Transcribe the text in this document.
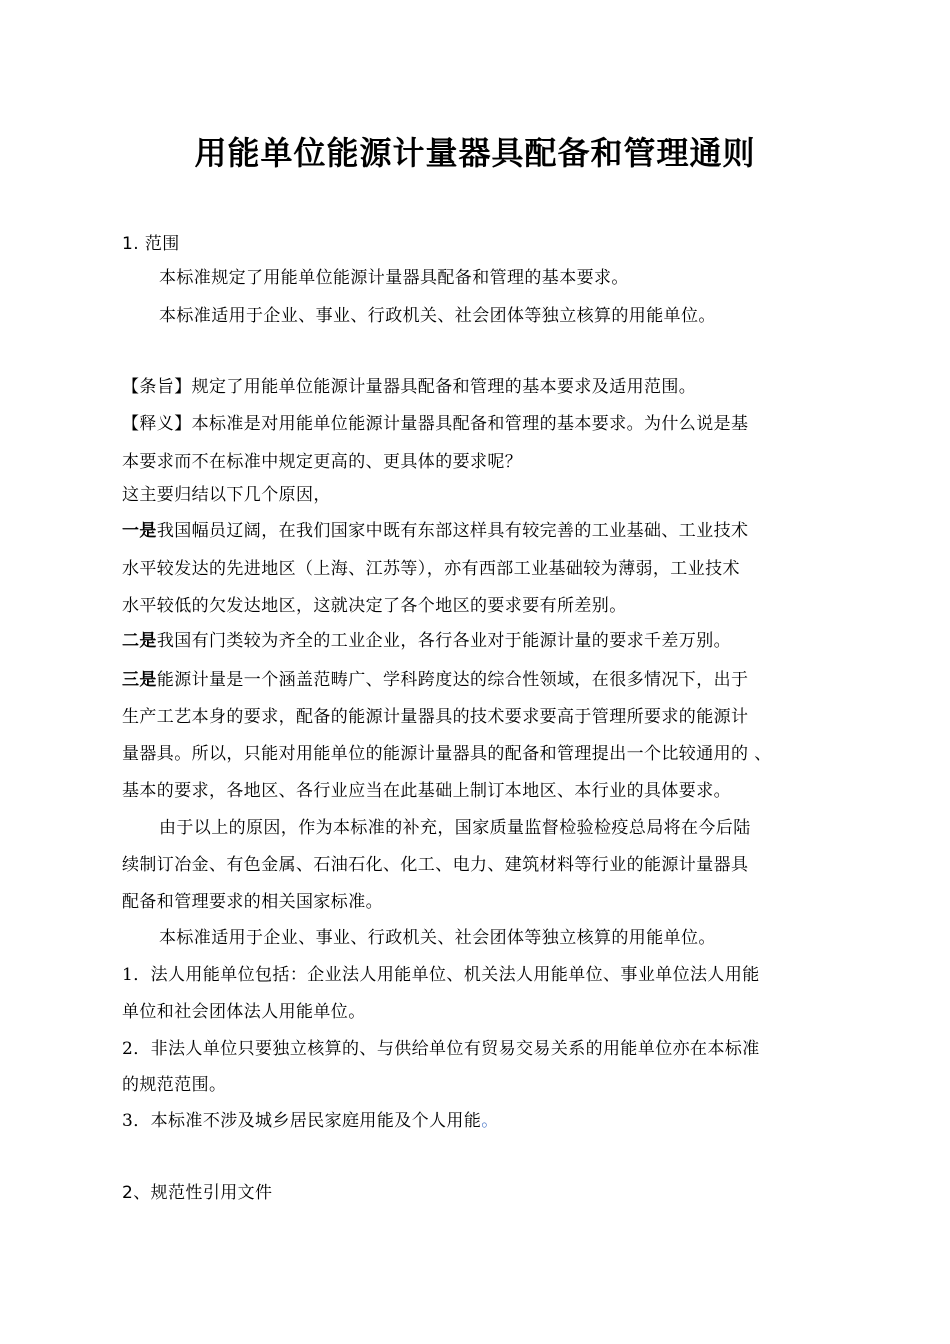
用能单位能源计量器具配备和管理通则
1. 范围
本标准规定了用能单位能源计量器具配备和管理的基本要求。
本标准适用于企业、事业、行政机关、社会团体等独立核算的用能单位。
【条旨】规定了用能单位能源计量器具配备和管理的基本要求及适用范围。
【释义】本标准是对用能单位能源计量器具配备和管理的基本要求。为什么说是基
本要求而不在标准中规定更高的、更具体的要求呢？
这主要归结以下几个原因，
一是我国幅员辽阔，在我们国家中既有东部这样具有较完善的工业基础、工业技术
水平较发达的先进地区（上海、江苏等），亦有西部工业基础较为薄弱，工业技术
水平较低的欠发达地区，这就决定了各个地区的要求要有所差别。
二是我国有门类较为齐全的工业企业，各行各业对于能源计量的要求千差万别。
三是能源计量是一个涵盖范畴广、学科跨度达的综合性领域，在很多情况下，出于
生产工艺本身的要求，配备的能源计量器具的技术要求要高于管理所要求的能源计
量器具。所以，只能对用能单位的能源计量器具的配备和管理提出一个比较通用的 、
基本的要求，各地区、各行业应当在此基础上制订本地区、本行业的具体要求。
由于以上的原因，作为本标准的补充，国家质量监督检验检疫总局将在今后陆
续制订冶金、有色金属、石油石化、化工、电力、建筑材料等行业的能源计量器具
配备和管理要求的相关国家标准。
本标准适用于企业、事业、行政机关、社会团体等独立核算的用能单位。
1．法人用能单位包括：企业法人用能单位、机关法人用能单位、事业单位法人用能
单位和社会团体法人用能单位。
2．非法人单位只要独立核算的、与供给单位有贸易交易关系的用能单位亦在本标准
的规范范围。
3．本标准不涉及城乡居民家庭用能及个人用能。
2、规范性引用文件
